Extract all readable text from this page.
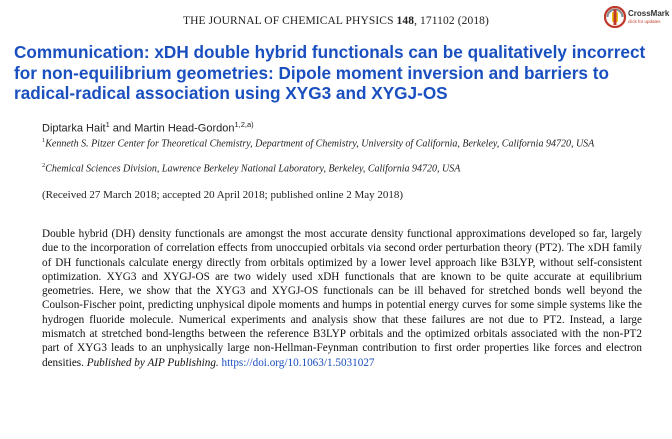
THE JOURNAL OF CHEMICAL PHYSICS 148, 171102 (2018)
CrossMark
click for updates
Communication: xDH double hybrid functionals can be qualitatively incorrect for non-equilibrium geometries: Dipole moment inversion and barriers to radical-radical association using XYG3 and XYGJ-OS
Diptarka Hait$^1$ and Martin Head-Gordon$^{1,2,a)}$
$^1$Kenneth S. Pitzer Center for Theoretical Chemistry, Department of Chemistry, University of California, Berkeley, California 94720, USA
$^2$Chemical Sciences Division, Lawrence Berkeley National Laboratory, Berkeley, California 94720, USA
(Received 27 March 2018; accepted 20 April 2018; published online 2 May 2018)

Double hybrid (DH) density functionals are amongst the most accurate density functional approximations developed so far, largely due to the incorporation of correlation effects from unoccupied orbitals via second order perturbation theory (PT2). The xDH family of DH functionals calculate energy directly from orbitals optimized by a lower level approach like B3LYP, without self-consistent optimization. XYG3 and XYGJ-OS are two widely used xDH functionals that are known to be quite accurate at equilibrium geometries. Here, we show that the XYG3 and XYGJ-OS functionals can be ill behaved for stretched bonds well beyond the Coulson-Fischer point, predicting unphysical dipole moments and humps in potential energy curves for some simple systems like the hydrogen fluoride molecule. Numerical experiments and analysis show that these failures are not due to PT2. Instead, a large mismatch at stretched bond-lengths between the reference B3LYP orbitals and the optimized orbitals associated with the non-PT2 part of XYG3 leads to an unphysically large non-Hellman-Feynman contribution to first order properties like forces and electron densities. Published by AIP Publishing. https://doi.org/10.1063/1.5031027
